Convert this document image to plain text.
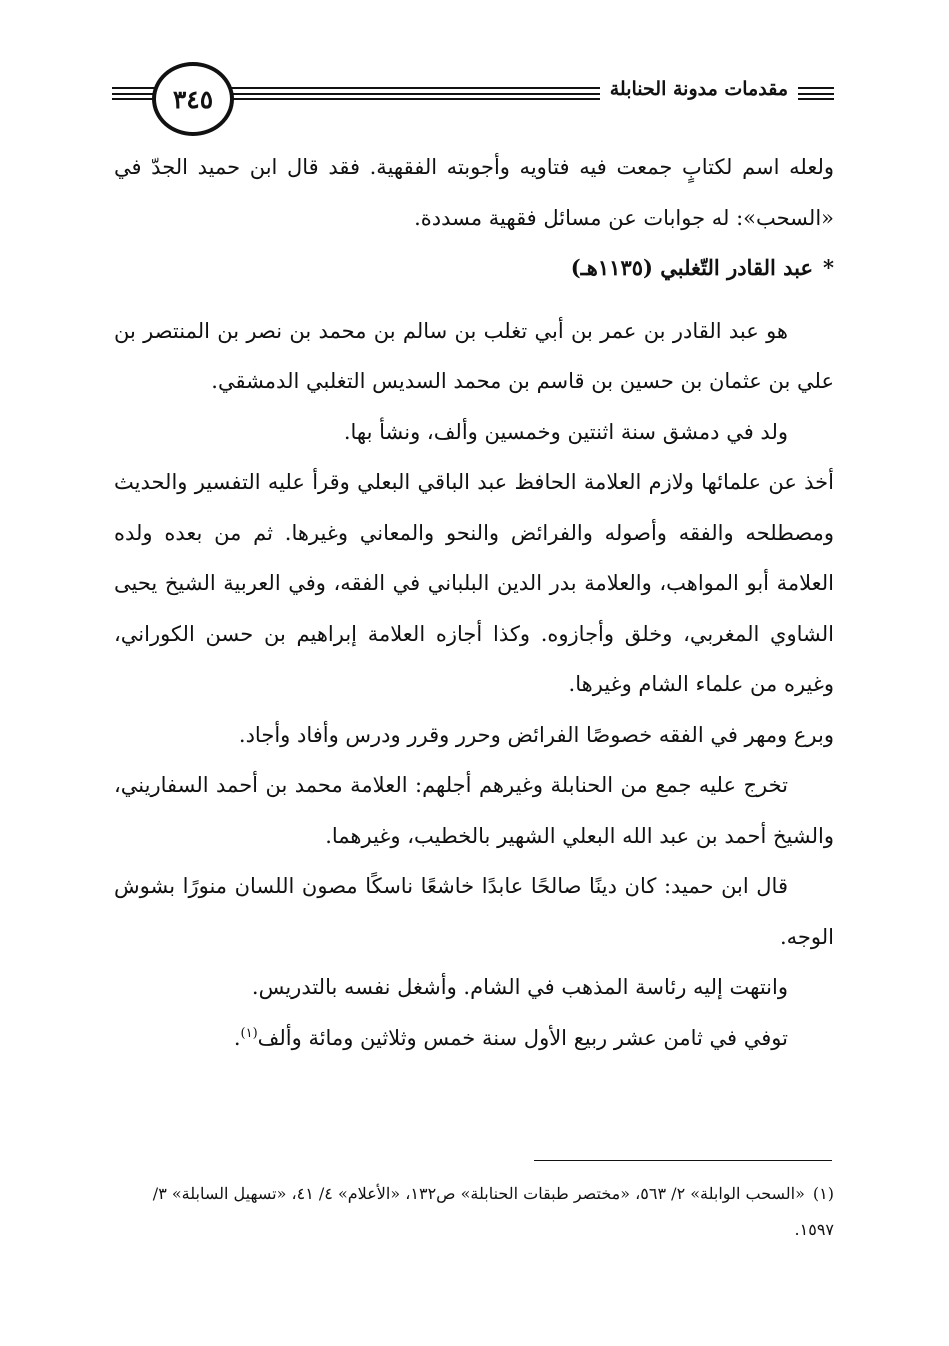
٣٤٥	مقدمات مدونة الحنابلة

ولعله اسم لكتابٍ جمعت فيه فتاويه وأجوبته الفقهية. فقد قال ابن حميد الجدّ في «السحب»: له جوابات عن مسائل فقهية مسددة.

*عبد القادر التّغلبي (١١٣٥هـ)

هو عبد القادر بن عمر بن أبي تغلب بن سالم بن محمد بن نصر بن المنتصر بن علي بن عثمان بن حسين بن قاسم بن محمد السديس التغلبي الدمشقي.

ولد في دمشق سنة اثنتين وخمسين وألف، ونشأ بها.

أخذ عن علمائها ولازم العلامة الحافظ عبد الباقي البعلي وقرأ عليه التفسير والحديث ومصطلحه والفقه وأصوله والفرائض والنحو والمعاني وغيرها. ثم من بعده ولده العلامة أبو المواهب، والعلامة بدر الدين البلباني في الفقه، وفي العربية الشيخ يحيى الشاوي المغربي، وخلق وأجازوه. وكذا أجازه العلامة إبراهيم بن حسن الكوراني، وغيره من علماء الشام وغيرها.

وبرع ومهر في الفقه خصوصًا الفرائض وحرر وقرر ودرس وأفاد وأجاد.

تخرج عليه جمع من الحنابلة وغيرهم أجلهم: العلامة محمد بن أحمد السفاريني، والشيخ أحمد بن عبد الله البعلي الشهير بالخطيب، وغيرهما.

قال ابن حميد: كان دينًا صالحًا عابدًا خاشعًا ناسكًا مصون اللسان منورًا بشوش الوجه.

وانتهت إليه رئاسة المذهب في الشام. وأشغل نفسه بالتدريس.

توفي في ثامن عشر ربيع الأول سنة خمس وثلاثين ومائة وألف$^{(١)}$.

(١)«السحب الوابلة» ٢/ ٥٦٣، «مختصر طبقات الحنابلة» ص١٣٢، «الأعلام» ٤/ ٤١، «تسهيل السابلة» ٣/ ١٥٩٧.
